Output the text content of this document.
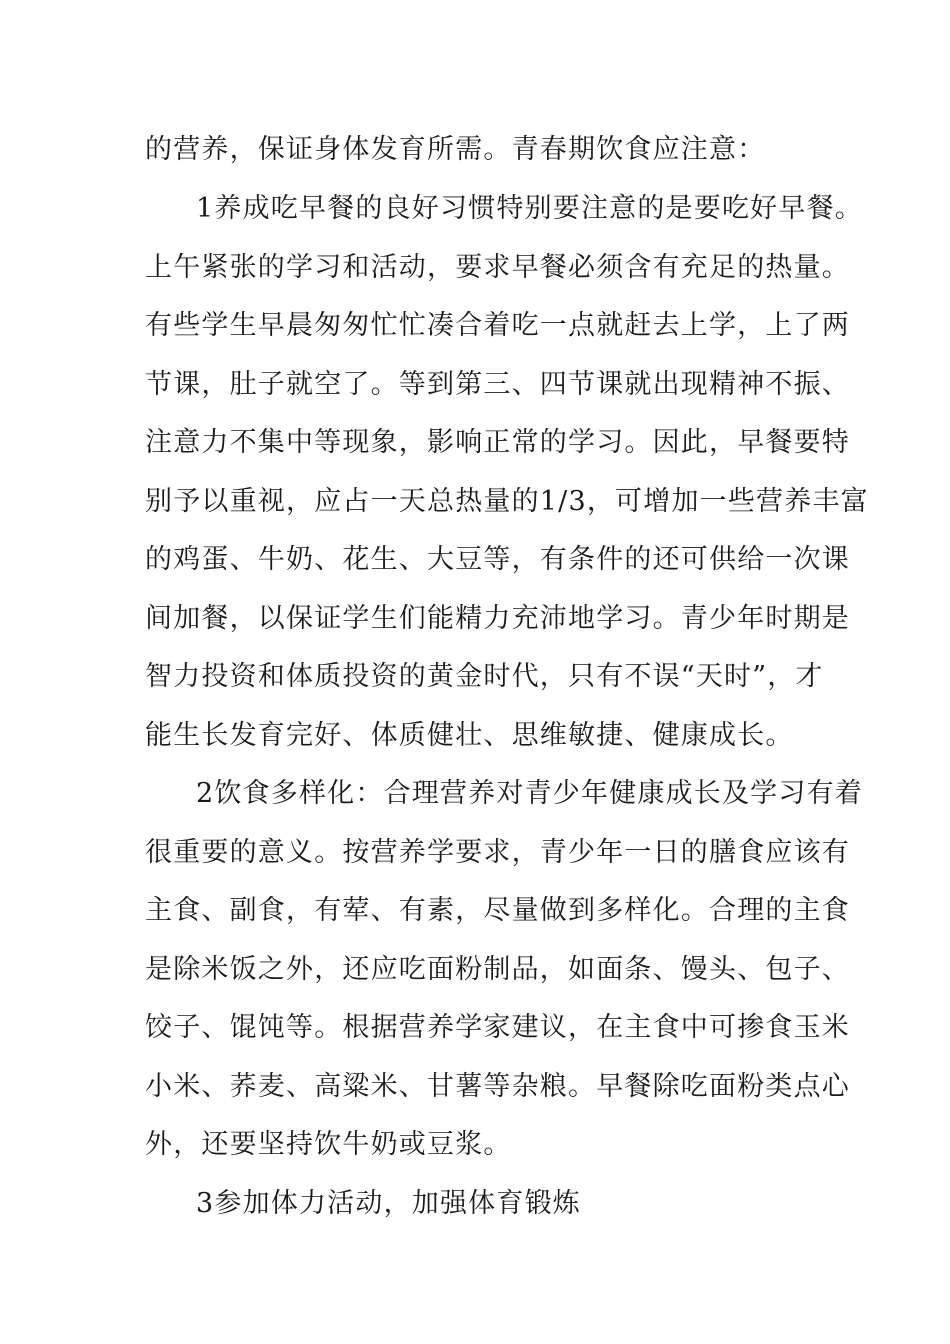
的营养，保证身体发育所需。青春期饮食应注意：
1养成吃早餐的良好习惯特别要注意的是要吃好早餐。
上午紧张的学习和活动，要求早餐必须含有充足的热量。
有些学生早晨匆匆忙忙凑合着吃一点就赶去上学，上了两
节课，肚子就空了。等到第三、四节课就出现精神不振、
注意力不集中等现象，影响正常的学习。因此，早餐要特
别予以重视，应占一天总热量的1/3，可增加一些营养丰富
的鸡蛋、牛奶、花生、大豆等，有条件的还可供给一次课
间加餐，以保证学生们能精力充沛地学习。青少年时期是
智力投资和体质投资的黄金时代，只有不误“天时”，才
能生长发育完好、体质健壮、思维敏捷、健康成长。
2饮食多样化：合理营养对青少年健康成长及学习有着
很重要的意义。按营养学要求，青少年一日的膳食应该有
主食、副食，有荤、有素，尽量做到多样化。合理的主食
是除米饭之外，还应吃面粉制品，如面条、馒头、包子、
饺子、馄饨等。根据营养学家建议，在主食中可掺食玉米
小米、荞麦、高粱米、甘薯等杂粮。早餐除吃面粉类点心
外，还要坚持饮牛奶或豆浆。
3参加体力活动，加强体育锻炼
